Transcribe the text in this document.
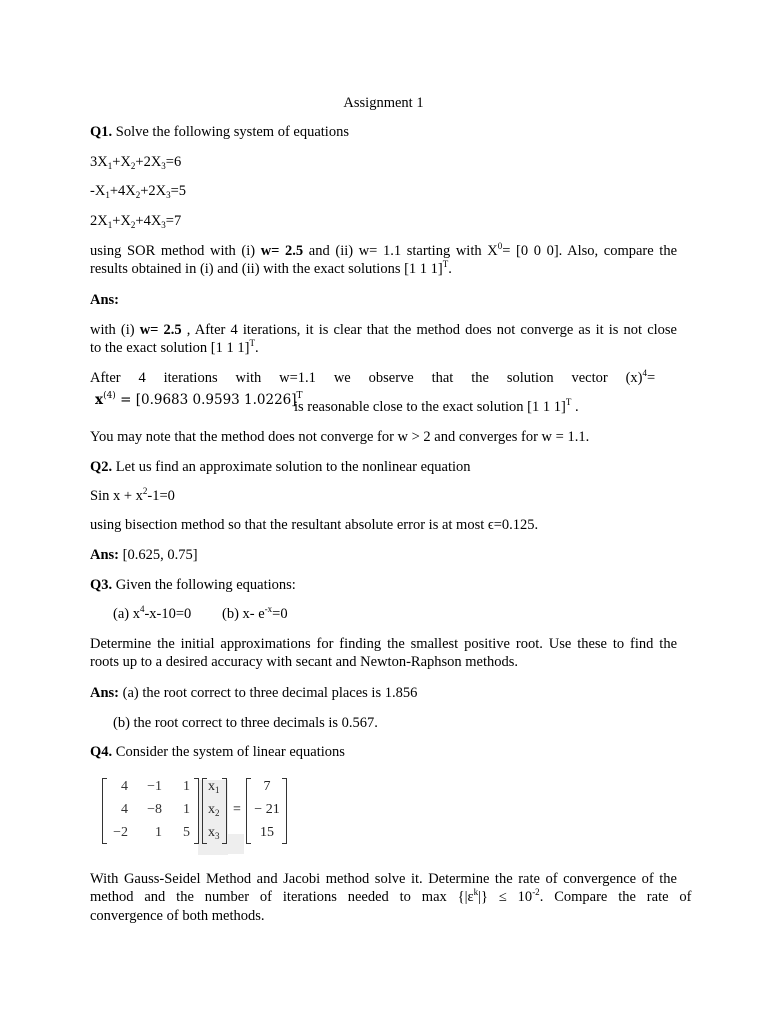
Assignment 1
Q1. Solve the following system of equations
$3X_1+X_2+2X_3=6$
$-X_1+4X_2+2X_3=5$
$2X_1+X_2+4X_3=7$
using SOR method with (i) w= 2.5 and (ii) w= 1.1 starting with $X^0= [0$ 0 0]. Also, compare the
results obtained in (i) and (ii) with the exact solutions [1 1 1]$^T$.
Ans:
with (i) w= 2.5 , After 4 iterations, it is clear that the method does not converge as it is not close
to the exact solution [1 1 1]$^T$.
After    4    iterations    with    w=1.1    we    observe    that    the    solution    vector    $(x)^4=$
$x^{(4)} = [0.9683$ 0.9593 1.0226]$^T$
is reasonable close to the exact solution [1 1 1]$^T$ .
You may note that the method does not converge for w > 2 and converges for w = 1.1.
Q2. Let us find an approximate solution to the nonlinear equation
Sin $x + x^2-1=0$
using bisection method so that the resultant absolute error is at most ϵ=0.125.
Ans: [0.625, 0.75]
Q3. Given the following equations:
(a) $x^4-x-10=0$ (b) x- $e^{-x}=0$
Determine the initial approximations for finding the smallest positive root. Use these to find the
roots up to a desired accuracy with secant and Newton-Raphson methods.
Ans: (a) the root correct to three decimal places is 1.856
(b) the root correct to three decimals is 0.567.
Q4. Consider the system of linear equations
4	−1	1
4	−8	1
−2	1	5
$x_1$
$x_2$
$x_3$
=
7
− 21
15
With Gauss-Seidel Method and Jacobi method solve it. Determine the rate of convergence of the
method   and   the   number   of   iterations   needed   to   $\max \{|\varepsilon^k|\} \le 10^{-2}$.   Compare   the   rate   of
convergence of both methods.
